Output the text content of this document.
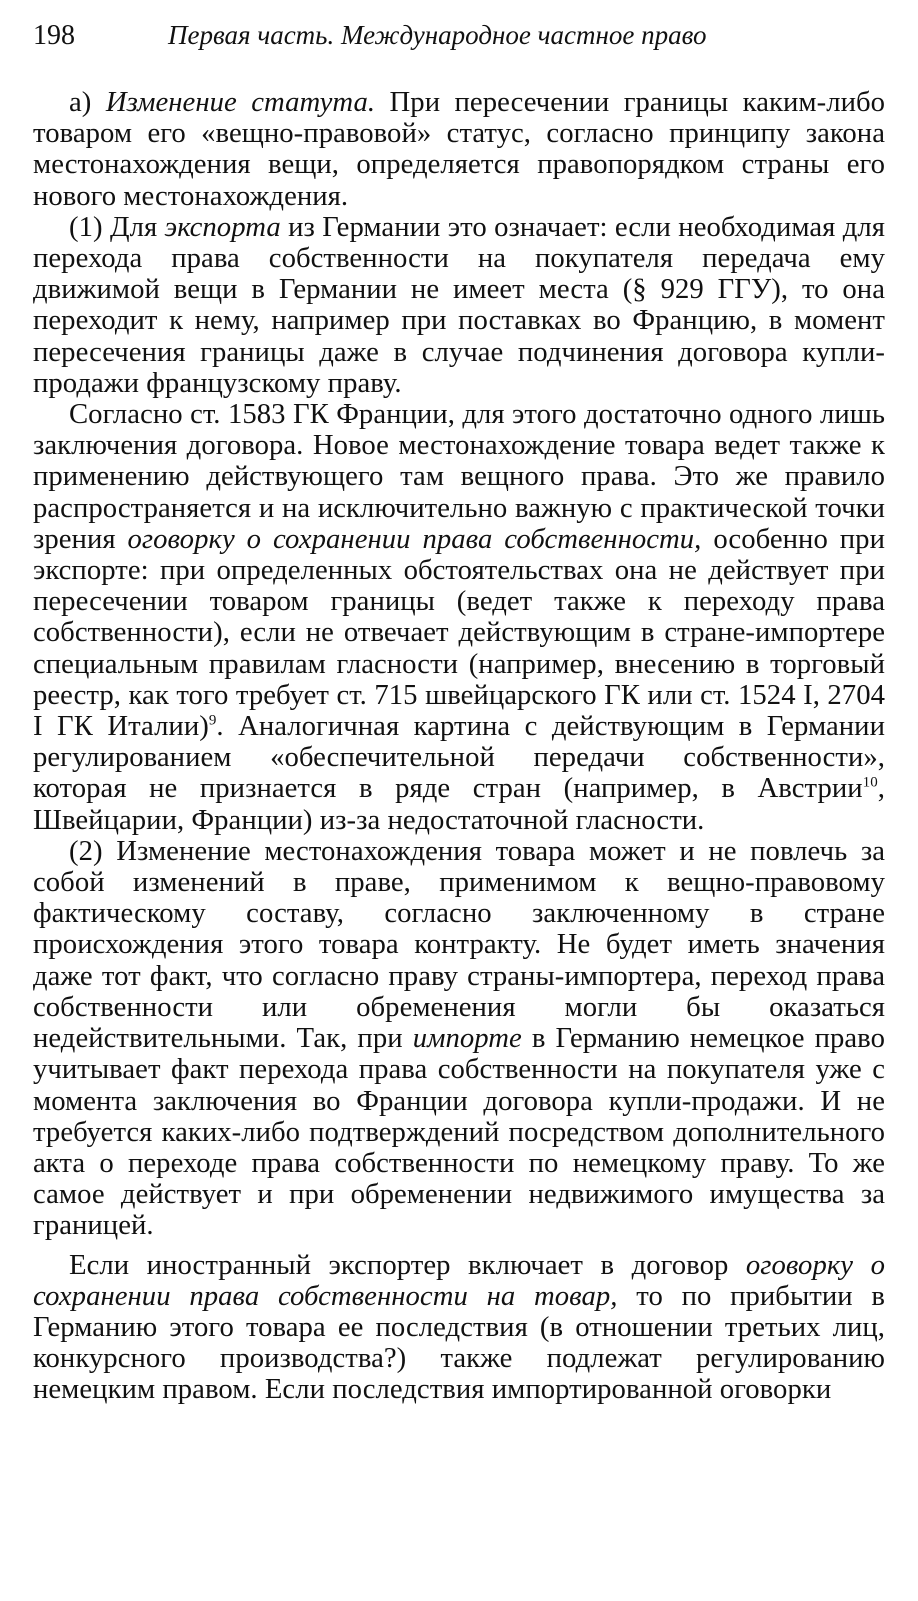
198	Первая часть. Международное частное право

а) Изменение статута. При пересечении границы каким-либо товаром его «вещно-правовой» статус, согласно принципу закона местонахождения вещи, определяется правопорядком страны его нового местонахождения.

(1) Для экспорта из Германии это означает: если необходимая для перехода права собственности на покупателя передача ему движимой вещи в Германии не имеет места (§ 929 ГГУ), то она переходит к нему, например при поставках во Францию, в момент пересечения границы даже в случае подчинения договора купли-продажи французскому праву.

Согласно ст. 1583 ГК Франции, для этого достаточно одного лишь заключения договора. Новое местонахождение товара ведет также к применению действующего там вещного права. Это же правило распространяется и на исключительно важную с практической точки зрения оговорку о сохранении права собственности, особенно при экспорте: при определенных обстоятельствах она не действует при пересечении товаром границы (ведет также к переходу права собственности), если не отвечает действующим в стране-импортере специальным правилам гласности (например, внесению в торговый реестр, как того требует ст. 715 швейцарского ГК или ст. 1524 I, 2704 I ГК Италии)$^9$. Аналогичная картина с действующим в Германии регулированием «обеспечительной передачи собственности», которая не признается в ряде стран (например, в Австрии$^{10}$, Швейцарии, Франции) из-за недостаточной гласности.

(2) Изменение местонахождения товара может и не повлечь за собой изменений в праве, применимом к вещно-правовому фактическому составу, согласно заключенному в стране происхождения этого товара контракту. Не будет иметь значения даже тот факт, что согласно праву страны-импортера, переход права собственности или обременения могли бы оказаться недействительными. Так, при импорте в Германию немецкое право учитывает факт перехода права собственности на покупателя уже с момента заключения во Франции договора купли-продажи. И не требуется каких-либо подтверждений посредством дополнительного акта о переходе права собственности по немецкому праву. То же самое действует и при обременении недвижимого имущества за границей.

Если иностранный экспортер включает в договор оговорку о сохранении права собственности на товар, то по прибытии в Германию этого товара ее последствия (в отношении третьих лиц, конкурсного производства?) также подлежат регулированию немецким правом. Если последствия импортированной оговорки
